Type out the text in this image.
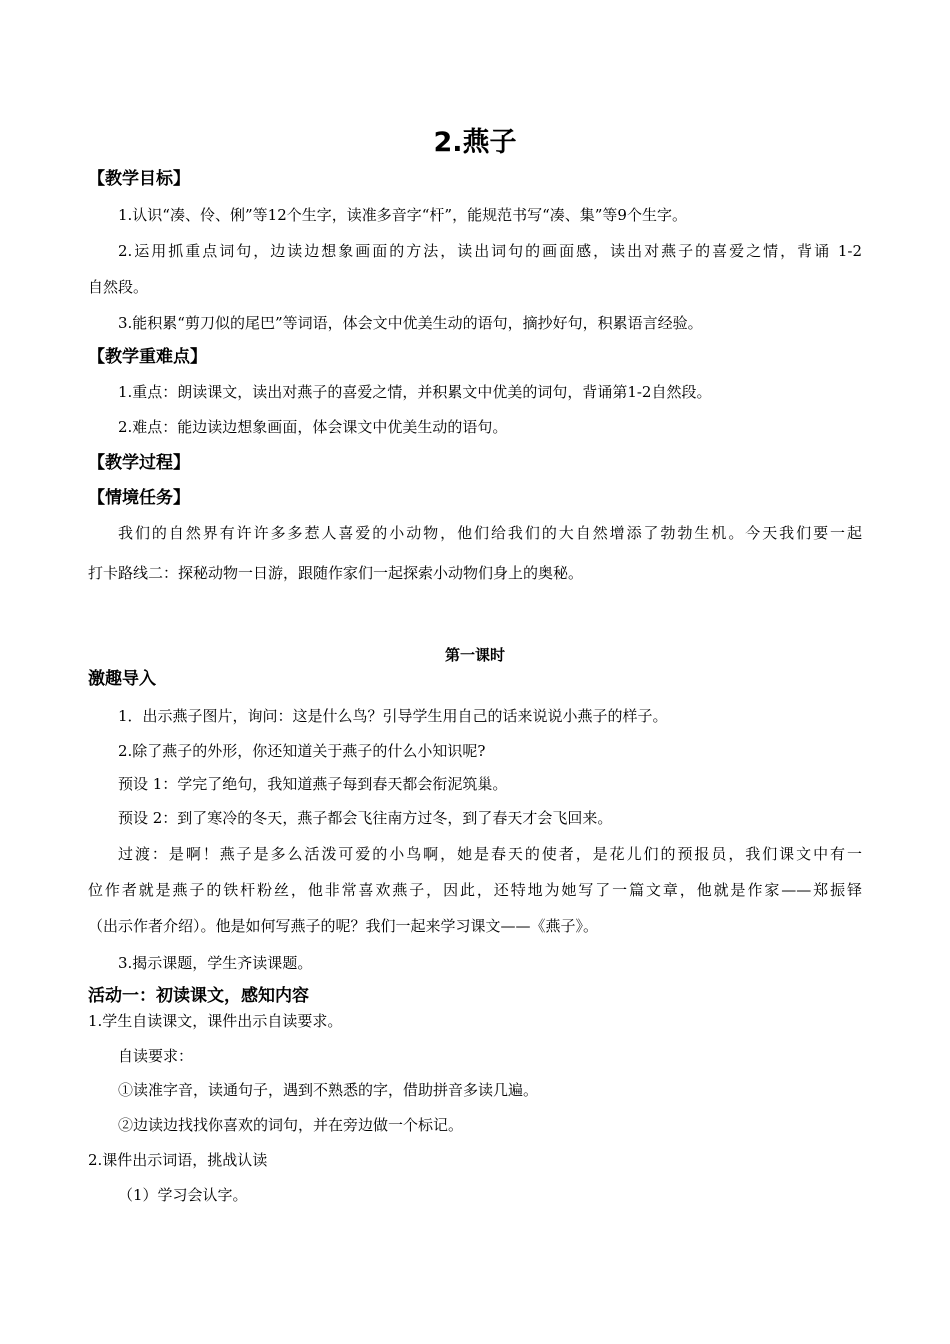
2.燕子
【教学目标】

1.认识“凑、伶、俐”等12个生字，读准多音字“杆”，能规范书写“凑、集”等9个生字。

2.运用抓重点词句，边读边想象画面的方法，读出词句的画面感，读出对燕子的喜爱之情，背诵 1-2

自然段。

3.能积累“剪刀似的尾巴”等词语，体会文中优美生动的语句，摘抄好句，积累语言经验。

【教学重难点】

1.重点：朗读课文，读出对燕子的喜爱之情，并积累文中优美的词句，背诵第1-2自然段。

2.难点：能边读边想象画面，体会课文中优美生动的语句。

【教学过程】
【情境任务】

我们的自然界有许许多多惹人喜爱的小动物，他们给我们的大自然增添了勃勃生机。今天我们要一起

打卡路线二：探秘动物一日游，跟随作家们一起探索小动物们身上的奥秘。

第一课时
激趣导入

1．出示燕子图片，询问：这是什么鸟？引导学生用自己的话来说说小燕子的样子。

2.除了燕子的外形，你还知道关于燕子的什么小知识呢?

预设 1：学完了绝句，我知道燕子每到春天都会衔泥筑巢。

预设 2：到了寒冷的冬天，燕子都会飞往南方过冬，到了春天才会飞回来。

过渡：是啊！燕子是多么活泼可爱的小鸟啊，她是春天的使者，是花儿们的预报员，我们课文中有一

位作者就是燕子的铁杆粉丝，他非常喜欢燕子，因此，还特地为她写了一篇文章，他就是作家——郑振铎

（出示作者介绍）。他是如何写燕子的呢？我们一起来学习课文——《燕子》。

3.揭示课题，学生齐读课题。

活动一：初读课文，感知内容

1.学生自读课文，课件出示自读要求。

自读要求：

①读准字音，读通句子，遇到不熟悉的字，借助拼音多读几遍。

②边读边找找你喜欢的词句，并在旁边做一个标记。

2.课件出示词语，挑战认读

（1）学习会认字。
